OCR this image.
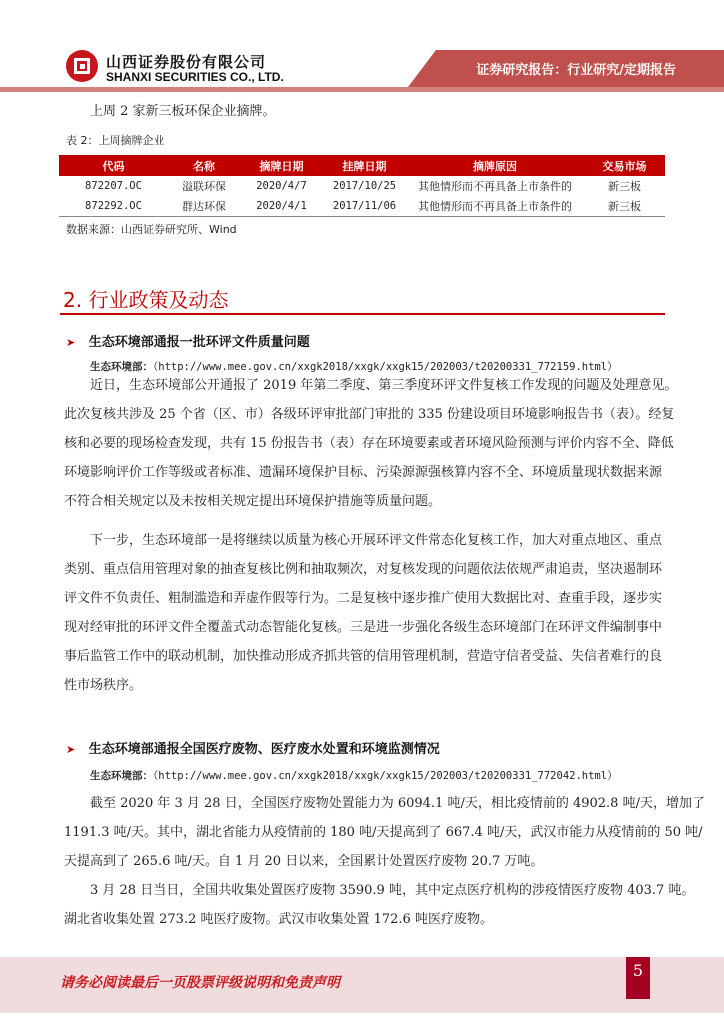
山西证券股份有限公司
SHANXI SECURITIES CO., LTD.	证券研究报告：行业研究/定期报告
上周 2 家新三板环保企业摘牌。
表 2：上周摘牌企业
代码	名称	摘牌日期	挂牌日期	摘牌原因	交易市场
872207.OC	溢联环保	2020/4/7	2017/10/25	其他情形而不再具备上市条件的	新三板
872292.OC	群达环保	2020/4/1	2017/11/06	其他情形而不再具备上市条件的	新三板
数据来源：山西证券研究所、Wind
2. 行业政策及动态
➤ 生态环境部通报一批环评文件质量问题
生态环境部：（http://www.mee.gov.cn/xxgk2018/xxgk/xxgk15/202003/t20200331_772159.html）
近日，生态环境部公开通报了 2019 年第二季度、第三季度环评文件复核工作发现的问题及处理意见。
此次复核共涉及 25 个省（区、市）各级环评审批部门审批的 335 份建设项目环境影响报告书（表）。经复
核和必要的现场检查发现，共有 15 份报告书（表）存在环境要素或者环境风险预测与评价内容不全、降低
环境影响评价工作等级或者标准、遗漏环境保护目标、污染源源强核算内容不全、环境质量现状数据来源
不符合相关规定以及未按相关规定提出环境保护措施等质量问题。
下一步，生态环境部一是将继续以质量为核心开展环评文件常态化复核工作，加大对重点地区、重点
类别、重点信用管理对象的抽查复核比例和抽取频次，对复核发现的问题依法依规严肃追责，坚决遏制环
评文件不负责任、粗制滥造和弄虚作假等行为。二是复核中逐步推广使用大数据比对、查重手段，逐步实
现对经审批的环评文件全覆盖式动态智能化复核。三是进一步强化各级生态环境部门在环评文件编制事中
事后监管工作中的联动机制，加快推动形成齐抓共管的信用管理机制，营造守信者受益、失信者难行的良
性市场秩序。
➤ 生态环境部通报全国医疗废物、医疗废水处置和环境监测情况
生态环境部：（http://www.mee.gov.cn/xxgk2018/xxgk/xxgk15/202003/t20200331_772042.html）
截至 2020 年 3 月 28 日，全国医疗废物处置能力为 6094.1 吨/天，相比疫情前的 4902.8 吨/天，增加了
1191.3 吨/天。其中，湖北省能力从疫情前的 180 吨/天提高到了 667.4 吨/天，武汉市能力从疫情前的 50 吨/
天提高到了 265.6 吨/天。自 1 月 20 日以来，全国累计处置医疗废物 20.7 万吨。
3 月 28 日当日，全国共收集处置医疗废物 3590.9 吨，其中定点医疗机构的涉疫情医疗废物 403.7 吨。
湖北省收集处置 273.2 吨医疗废物。武汉市收集处置 172.6 吨医疗废物。
请务必阅读最后一页股票评级说明和免责声明
5
